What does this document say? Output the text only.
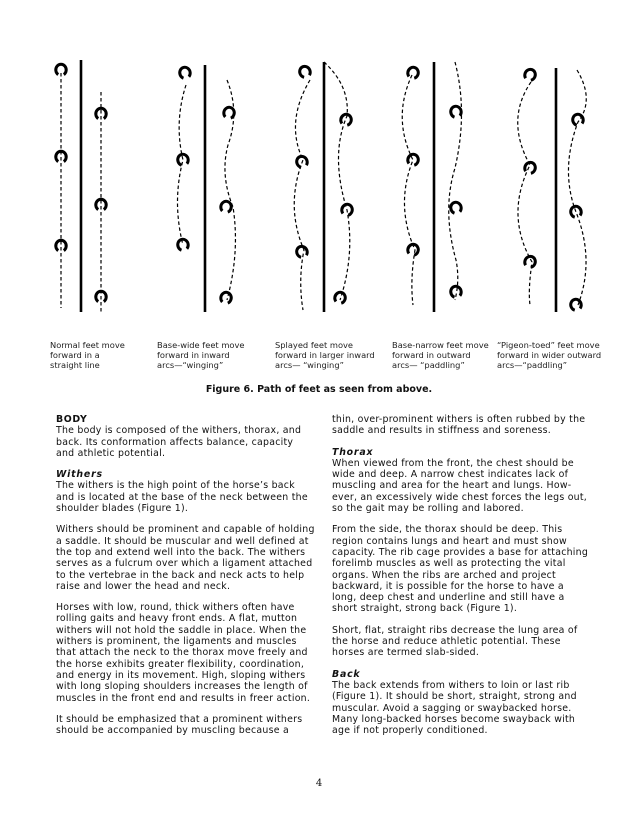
Normal feet move
forward in a
straight line
Base-wide feet move
forward in inward
arcs—“winging”
Splayed feet move
forward in larger inward
arcs— “winging”
Base-narrow feet move
forward in outward
arcs— “paddling”
“Pigeon-toed” feet move
forward in wider outward
arcs—“paddling”
Figure 6. Path of feet as seen from above.

BODY
The body is composed of the withers, thorax, and
back. Its conformation affects balance, capacity
and athletic potential.

Withers
The withers is the high point of the horse’s back
and is located at the base of the neck between the
shoulder blades (Figure 1).

Withers should be prominent and capable of holding
a saddle. It should be muscular and well defined at
the top and extend well into the back. The withers
serves as a fulcrum over which a ligament attached
to the vertebrae in the back and neck acts to help
raise and lower the head and neck.

Horses with low, round, thick withers often have
rolling gaits and heavy front ends. A flat, mutton
withers will not hold the saddle in place. When the
withers is prominent, the ligaments and muscles
that attach the neck to the thorax move freely and
the horse exhibits greater flexibility, coordination,
and energy in its movement. High, sloping withers
with long sloping shoulders increases the length of
muscles in the front end and results in freer action.

It should be emphasized that a prominent withers
should be accompanied by muscling because a

thin, over-prominent withers is often rubbed by the
saddle and results in stiffness and soreness.

Thorax
When viewed from the front, the chest should be
wide and deep. A narrow chest indicates lack of
muscling and area for the heart and lungs. How-
ever, an excessively wide chest forces the legs out,
so the gait may be rolling and labored.

From the side, the thorax should be deep. This
region contains lungs and heart and must show
capacity. The rib cage provides a base for attaching
forelimb muscles as well as protecting the vital
organs. When the ribs are arched and project
backward, it is possible for the horse to have a
long, deep chest and underline and still have a
short straight, strong back (Figure 1).

Short, flat, straight ribs decrease the lung area of
the horse and reduce athletic potential. These
horses are termed slab-sided.

Back
The back extends from withers to loin or last rib
(Figure 1). It should be short, straight, strong and
muscular. Avoid a sagging or swaybacked horse.
Many long-backed horses become swayback with
age if not properly conditioned.

4
